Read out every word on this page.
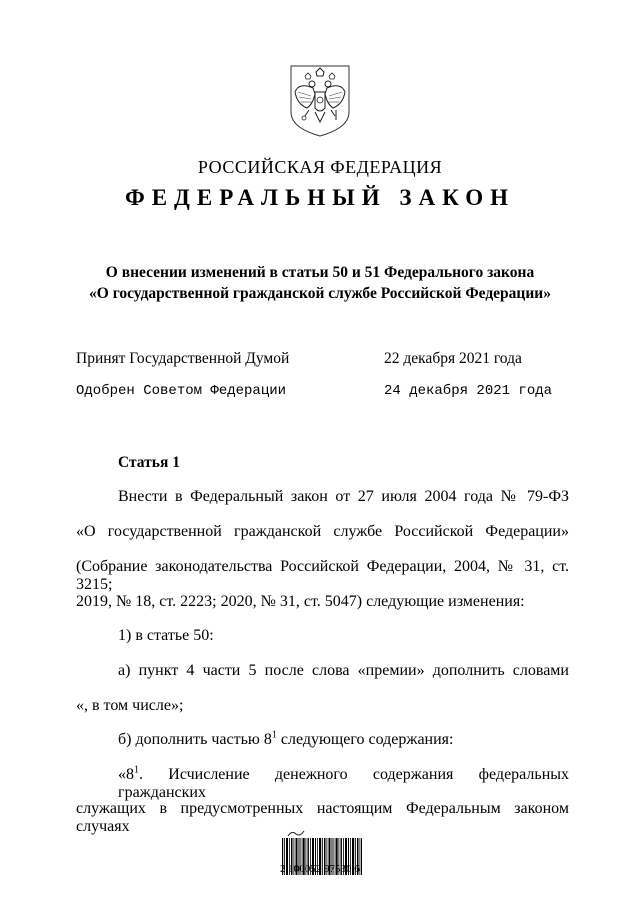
РОССИЙСКАЯ ФЕДЕРАЦИЯ
ФЕДЕРАЛЬНЫЙ ЗАКОН
О внесении изменений в статьи 50 и 51 Федерального закона
«О государственной гражданской службе Российской Федерации»
Принят Государственной Думой	22 декабря 2021 года
Одобрен Советом Федерации	24 декабря 2021 года
Статья 1
Внести в Федеральный закон от 27 июля 2004 года № 79-ФЗ
«О государственной гражданской службе Российской Федерации»
(Собрание законодательства Российской Федерации, 2004, № 31, ст. 3215;
2019, № 18, ст. 2223; 2020, № 31, ст. 5047) следующие изменения:
1) в статье 50:
а) пункт 4 части 5 после слова «премии» дополнить словами
«, в том числе»;
б) дополнить частью $8^1$ следующего содержания:
«$8^1$. Исчисление денежного содержания федеральных гражданских
служащих в предусмотренных настоящим Федеральным законом случаях
2 100052 97530 6
